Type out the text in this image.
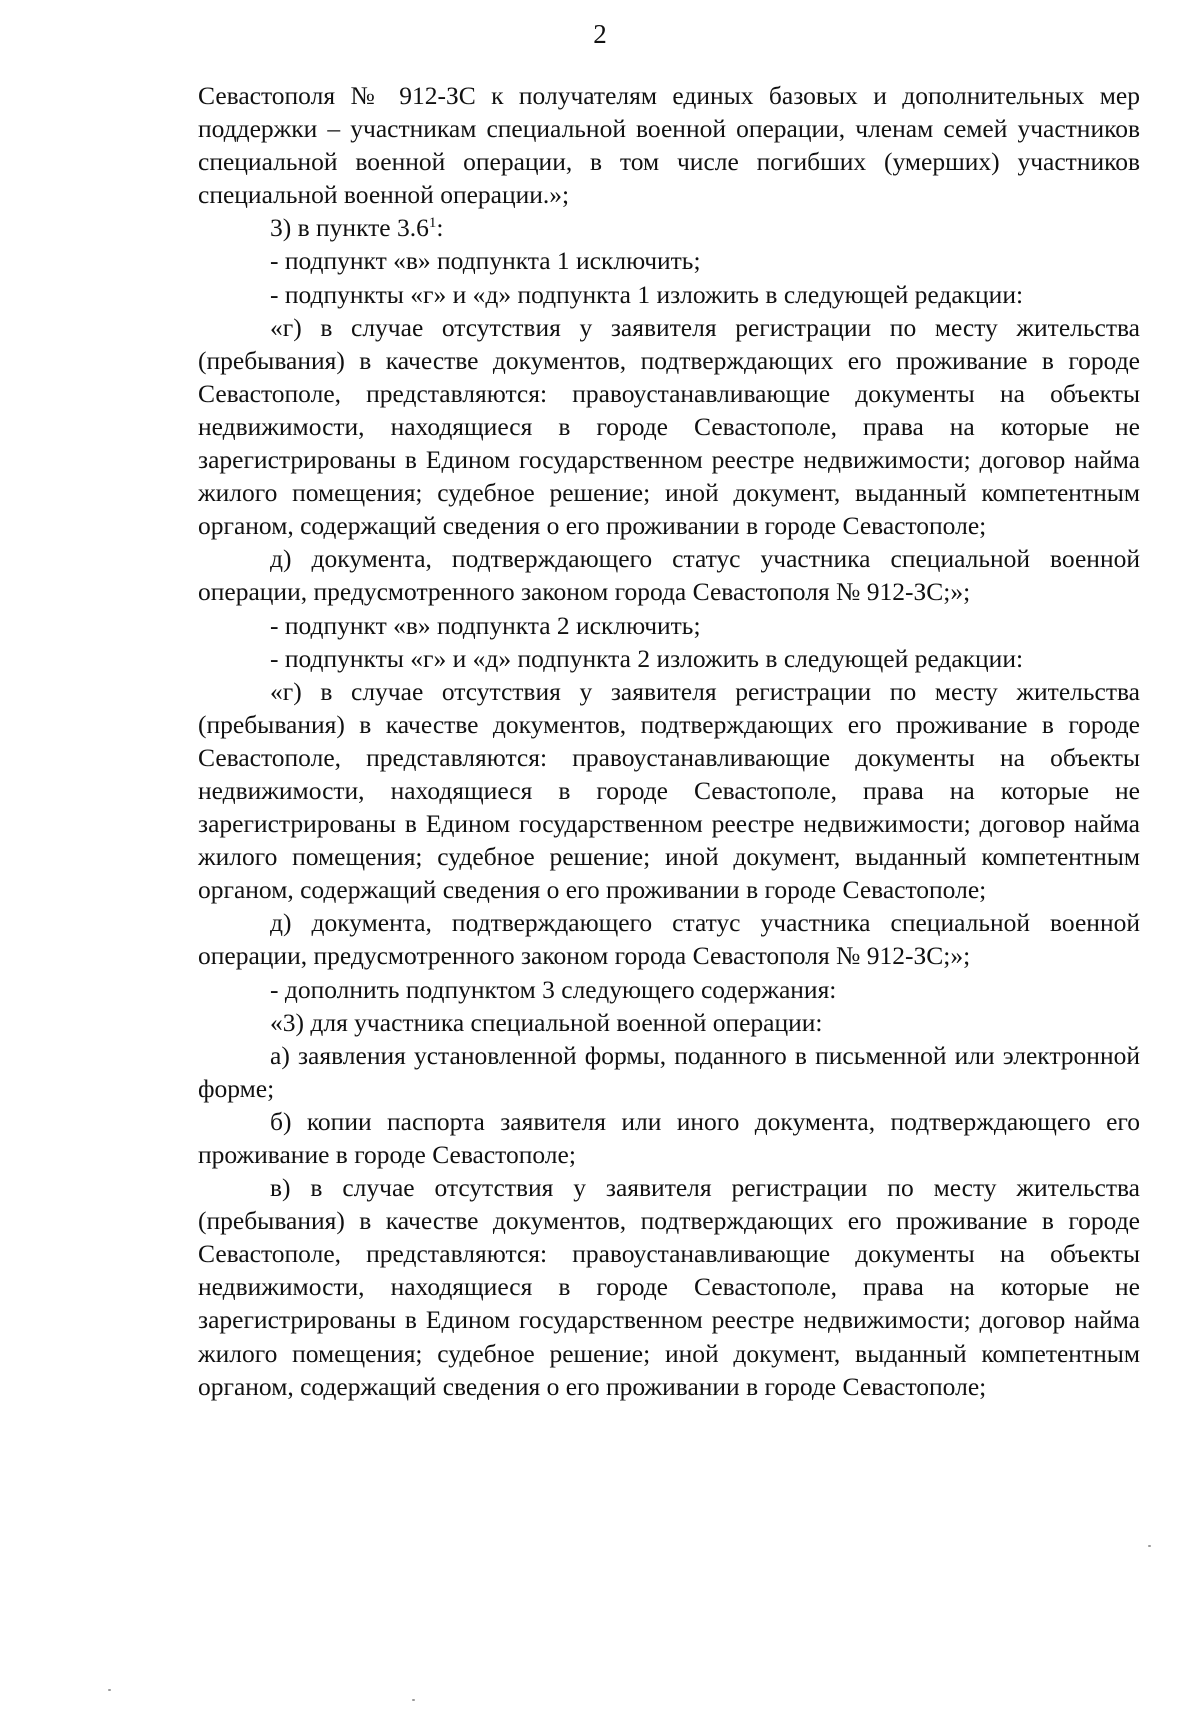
2

Севастополя № 912-ЗС к получателям единых базовых и дополнительных мер поддержки – участникам специальной военной операции, членам семей участников специальной военной операции, в том числе погибших (умерших) участников специальной военной операции.»;

3) в пункте $3.6^1$:

- подпункт «в» подпункта 1 исключить;

- подпункты «г» и «д» подпункта 1 изложить в следующей редакции:

«г) в случае отсутствия у заявителя регистрации по месту жительства (пребывания) в качестве документов, подтверждающих его проживание в городе Севастополе, представляются: правоустанавливающие документы на объекты недвижимости, находящиеся в городе Севастополе, права на которые не зарегистрированы в Едином государственном реестре недвижимости; договор найма жилого помещения; судебное решение; иной документ, выданный компетентным органом, содержащий сведения о его проживании в городе Севастополе;

д) документа, подтверждающего статус участника специальной военной операции, предусмотренного законом города Севастополя № 912-ЗС;»;

- подпункт «в» подпункта 2 исключить;

- подпункты «г» и «д» подпункта 2 изложить в следующей редакции:

«г) в случае отсутствия у заявителя регистрации по месту жительства (пребывания) в качестве документов, подтверждающих его проживание в городе Севастополе, представляются: правоустанавливающие документы на объекты недвижимости, находящиеся в городе Севастополе, права на которые не зарегистрированы в Едином государственном реестре недвижимости; договор найма жилого помещения; судебное решение; иной документ, выданный компетентным органом, содержащий сведения о его проживании в городе Севастополе;

д) документа, подтверждающего статус участника специальной военной операции, предусмотренного законом города Севастополя № 912-ЗС;»;

- дополнить подпунктом 3 следующего содержания:

«3) для участника специальной военной операции:

а) заявления установленной формы, поданного в письменной или электронной форме;

б) копии паспорта заявителя или иного документа, подтверждающего его проживание в городе Севастополе;

в) в случае отсутствия у заявителя регистрации по месту жительства (пребывания) в качестве документов, подтверждающих его проживание в городе Севастополе, представляются: правоустанавливающие документы на объекты недвижимости, находящиеся в городе Севастополе, права на которые не зарегистрированы в Едином государственном реестре недвижимости; договор найма жилого помещения; судебное решение; иной документ, выданный компетентным органом, содержащий сведения о его проживании в городе Севастополе;
